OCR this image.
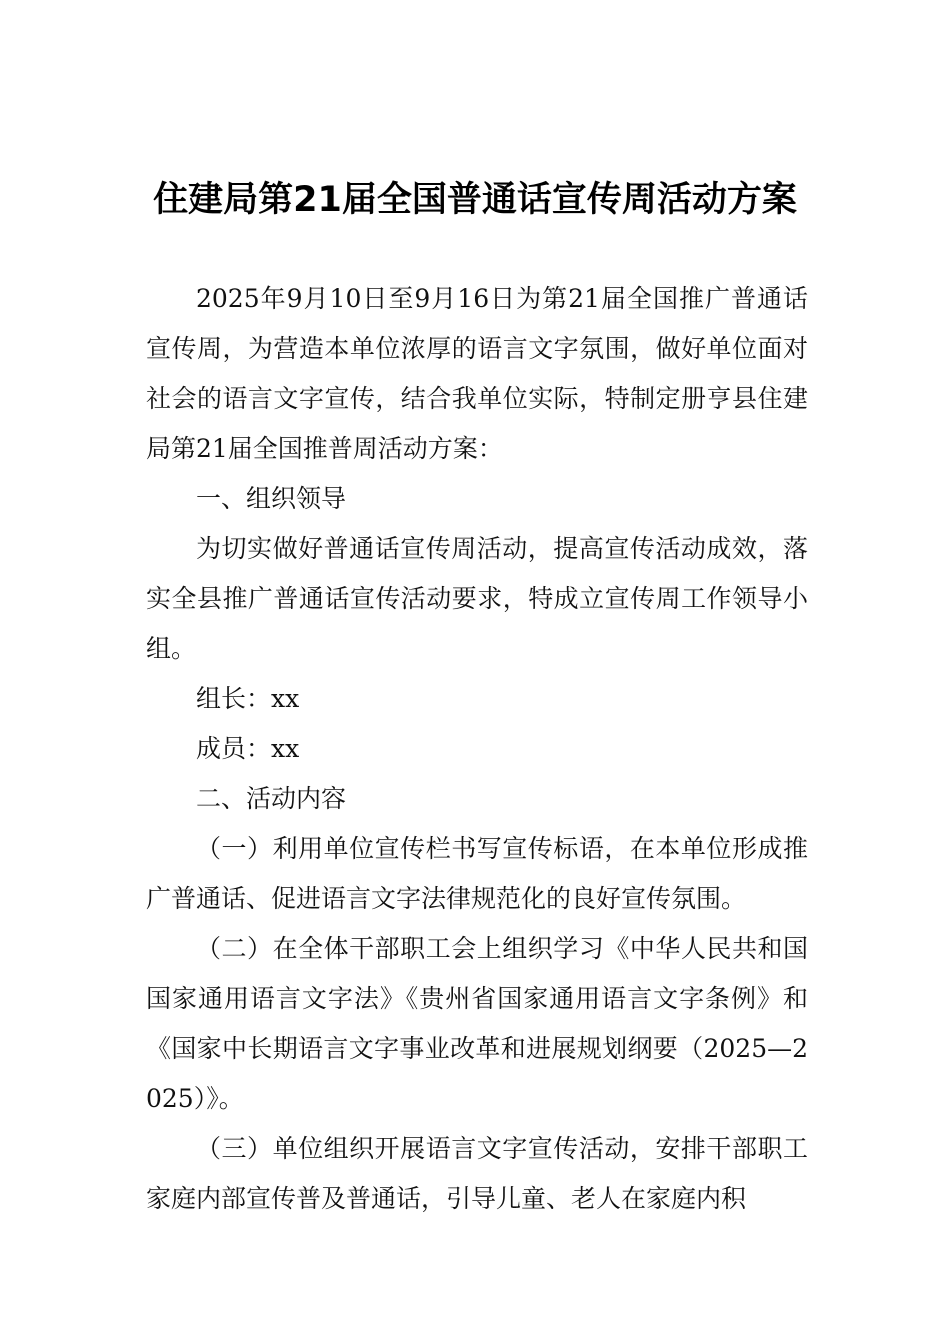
住建局第21届全国普通话宣传周活动方案

2025年9月10日至9月16日为第21届全国推广普通话宣传周，为营造本单位浓厚的语言文字氛围，做好单位面对社会的语言文字宣传，结合我单位实际，特制定册亨县住建局第21届全国推普周活动方案：

一、组织领导

为切实做好普通话宣传周活动，提高宣传活动成效，落实全县推广普通话宣传活动要求，特成立宣传周工作领导小组。

组长：xx

成员：xx

二、活动内容

（一）利用单位宣传栏书写宣传标语，在本单位形成推广普通话、促进语言文字法律规范化的良好宣传氛围。

（二）在全体干部职工会上组织学习《中华人民共和国国家通用语言文字法》《贵州省国家通用语言文字条例》和《国家中长期语言文字事业改革和进展规划纲要（2025—2025）》。

（三）单位组织开展语言文字宣传活动，安排干部职工家庭内部宣传普及普通话，引导儿童、老人在家庭内积
